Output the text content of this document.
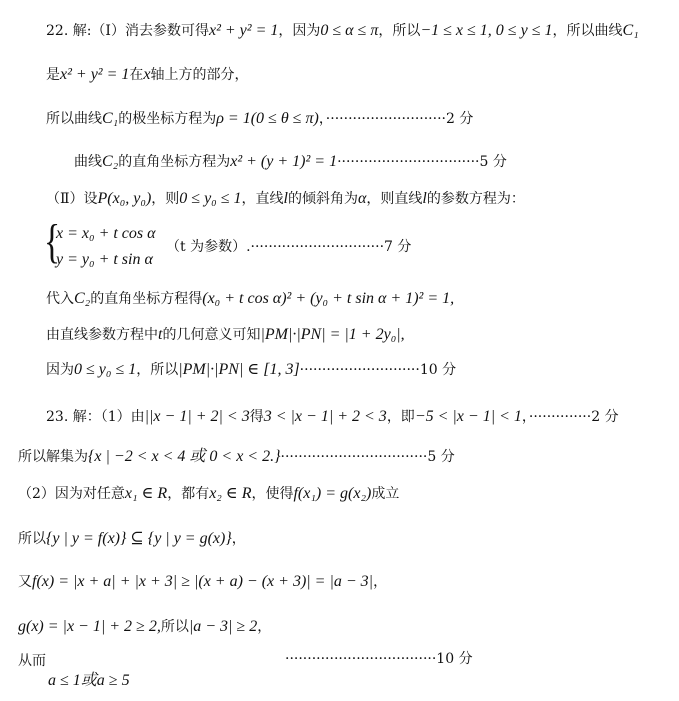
22. 解:（Ⅰ）消去参数可得x² + y² = 1，因为0 ≤ α ≤ π，所以−1 ≤ x ≤ 1, 0 ≤ y ≤ 1，所以曲线C₁
是x² + y² = 1在x轴上方的部分，
所以曲线C₁的极坐标方程为ρ = 1(0 ≤ θ ≤ π)，···························2 分
曲线C₂的直角坐标方程为x² + (y + 1)² = 1································5 分
（Ⅱ）设P(x₀, y₀)，则0 ≤ y₀ ≤ 1，直线l的倾斜角为α，则直线l的参数方程为：
{
x = x₀ + t cos α
y = y₀ + t sin α
（t 为参数）.······························7 分
代入C₂的直角坐标方程得(x₀ + t cos α)² + (y₀ + t sin α + 1)² = 1,
由直线参数方程中t的几何意义可知|PM|·|PN| = |1 + 2y₀|,
因为0 ≤ y₀ ≤ 1，所以|PM|·|PN| ∈ [1, 3]···························10 分
23. 解：（1）由||x − 1| + 2| < 3得3 < |x − 1| + 2 < 3，即−5 < |x − 1| < 1，··············2 分
所以解集为{x | −2 < x < 4 或 0 < x < 2.}·································5 分
（2）因为对任意x₁ ∈ R，都有x₂ ∈ R，使得f(x₁) = g(x₂)成立
所以{y | y = f(x)} ⊆ {y | y = g(x)}，
又f(x) = |x + a| + |x + 3| ≥ |(x + a) − (x + 3)| = |a − 3|，
g(x) = |x − 1| + 2 ≥ 2,所以|a − 3| ≥ 2，
从而	··································10 分
a ≤ 1或a ≥ 5
